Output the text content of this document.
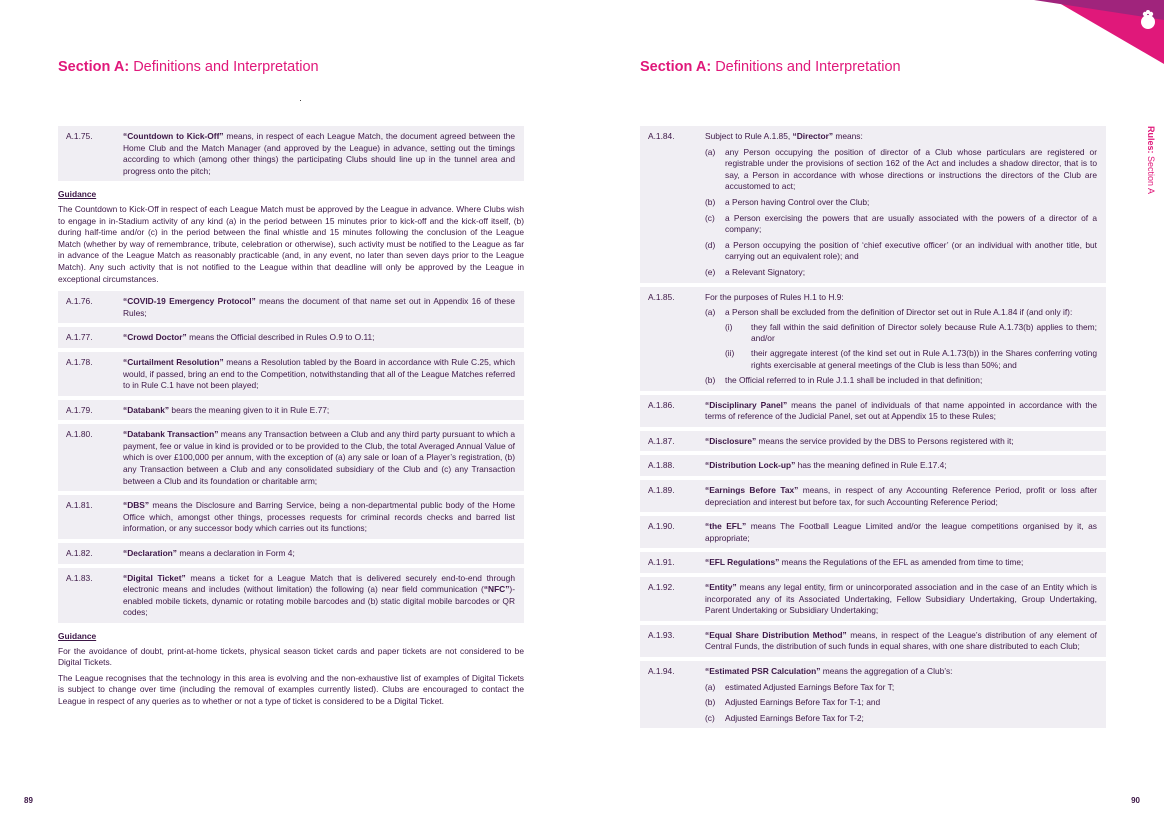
Section A: Definitions and Interpretation
A.1.75.	“Countdown to Kick-Off” means, in respect of each League Match, the document agreed between the Home Club and the Match Manager (and approved by the League) in advance, setting out the timings according to which (among other things) the participating Clubs should line up in the tunnel area and progress onto the pitch;
Guidance
The Countdown to Kick-Off in respect of each League Match must be approved by the League in advance. Where Clubs wish to engage in in-Stadium activity of any kind (a) in the period between 15 minutes prior to kick-off and the kick-off itself, (b) during half-time and/or (c) in the period between the final whistle and 15 minutes following the conclusion of the League Match (whether by way of remembrance, tribute, celebration or otherwise), such activity must be notified to the League as far in advance of the League Match as reasonably practicable (and, in any event, no later than seven days prior to the League Match). Any such activity that is not notified to the League within that deadline will only be approved by the League in exceptional circumstances.
A.1.76.	“COVID-19 Emergency Protocol” means the document of that name set out in Appendix 16 of these Rules;
A.1.77.	“Crowd Doctor” means the Official described in Rules O.9 to O.11;
A.1.78.	“Curtailment Resolution” means a Resolution tabled by the Board in accordance with Rule C.25, which would, if passed, bring an end to the Competition, notwithstanding that all of the League Matches referred to in Rule C.1 have not been played;
A.1.79.	“Databank” bears the meaning given to it in Rule E.77;
A.1.80.	“Databank Transaction” means any Transaction between a Club and any third party pursuant to which a payment, fee or value in kind is provided or to be provided to the Club, the total Averaged Annual Value of which is over £100,000 per annum, with the exception of (a) any sale or loan of a Player’s registration, (b) any Transaction between a Club and any consolidated subsidiary of the Club and (c) any Transaction between a Club and its foundation or charitable arm;
A.1.81.	“DBS” means the Disclosure and Barring Service, being a non-departmental public body of the Home Office which, amongst other things, processes requests for criminal records checks and barred list information, or any successor body which carries out its functions;
A.1.82.	“Declaration” means a declaration in Form 4;
A.1.83.	“Digital Ticket” means a ticket for a League Match that is delivered securely end-to-end through electronic means and includes (without limitation) the following (a) near field communication (“NFC”)-enabled mobile tickets, dynamic or rotating mobile barcodes and (b) static digital mobile barcodes or QR codes;
Guidance
For the avoidance of doubt, print-at-home tickets, physical season ticket cards and paper tickets are not considered to be Digital Tickets.
The League recognises that the technology in this area is evolving and the non-exhaustive list of examples of Digital Tickets is subject to change over time (including the removal of examples currently listed). Clubs are encouraged to contact the League in respect of any queries as to whether or not a type of ticket is considered to be a Digital Ticket.
89
Section A: Definitions and Interpretation
A.1.84.	Subject to Rule A.1.85, “Director” means:
(a)	any Person occupying the position of director of a Club whose particulars are registered or registrable under the provisions of section 162 of the Act and includes a shadow director, that is to say, a Person in accordance with whose directions or instructions the directors of the Club are accustomed to act;
(b)	a Person having Control over the Club;
(c)	a Person exercising the powers that are usually associated with the powers of a director of a company;
(d)	a Person occupying the position of ‘chief executive officer’ (or an individual with another title, but carrying out an equivalent role); and
(e)	a Relevant Signatory;
A.1.85.	For the purposes of Rules H.1 to H.9:
(a)	a Person shall be excluded from the definition of Director set out in Rule A.1.84 if (and only if):
(i)	they fall within the said definition of Director solely because Rule A.1.73(b) applies to them; and/or
(ii)	their aggregate interest (of the kind set out in Rule A.1.73(b)) in the Shares conferring voting rights exercisable at general meetings of the Club is less than 50%; and
(b)	the Official referred to in Rule J.1.1 shall be included in that definition;
A.1.86.	“Disciplinary Panel” means the panel of individuals of that name appointed in accordance with the terms of reference of the Judicial Panel, set out at Appendix 15 to these Rules;
A.1.87.	“Disclosure” means the service provided by the DBS to Persons registered with it;
A.1.88.	“Distribution Lock-up” has the meaning defined in Rule E.17.4;
A.1.89.	“Earnings Before Tax” means, in respect of any Accounting Reference Period, profit or loss after depreciation and interest but before tax, for such Accounting Reference Period;
A.1.90.	“the EFL” means The Football League Limited and/or the league competitions organised by it, as appropriate;
A.1.91.	“EFL Regulations” means the Regulations of the EFL as amended from time to time;
A.1.92.	“Entity” means any legal entity, firm or unincorporated association and in the case of an Entity which is incorporated any of its Associated Undertaking, Fellow Subsidiary Undertaking, Group Undertaking, Parent Undertaking or Subsidiary Undertaking;
A.1.93.	“Equal Share Distribution Method” means, in respect of the League’s distribution of any element of Central Funds, the distribution of such funds in equal shares, with one share distributed to each Club;
A.1.94.	“Estimated PSR Calculation” means the aggregation of a Club’s:
(a)	estimated Adjusted Earnings Before Tax for T;
(b)	Adjusted Earnings Before Tax for T-1; and
(c)	Adjusted Earnings Before Tax for T-2;
Rules: Section A
90
